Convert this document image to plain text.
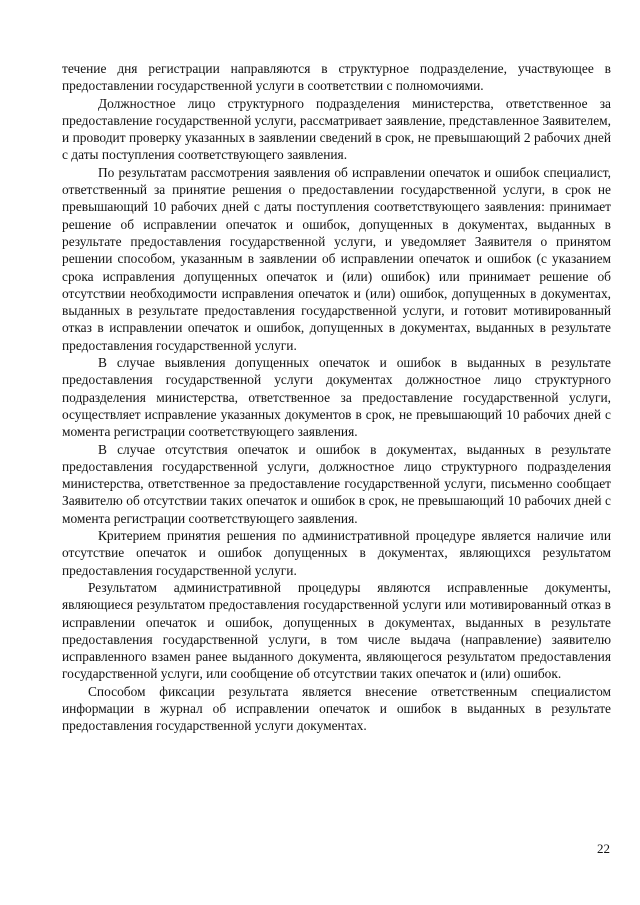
течение дня регистрации направляются в структурное подразделение, участвующее в предоставлении государственной услуги в соответствии с полномочиями.

Должностное лицо структурного подразделения министерства, ответственное за предоставление государственной услуги, рассматривает заявление, представленное Заявителем, и проводит проверку указанных в заявлении сведений в срок, не превышающий 2 рабочих дней с даты поступления соответствующего заявления.

По результатам рассмотрения заявления об исправлении опечаток и ошибок специалист, ответственный за принятие решения о предоставлении государственной услуги, в срок не превышающий 10 рабочих дней с даты поступления соответствующего заявления: принимает решение об исправлении опечаток и ошибок, допущенных в документах, выданных в результате предоставления государственной услуги, и уведомляет Заявителя о принятом решении способом, указанным в заявлении об исправлении опечаток и ошибок (с указанием срока исправления допущенных опечаток и (или) ошибок) или принимает решение об отсутствии необходимости исправления опечаток и (или) ошибок, допущенных в документах, выданных в результате предоставления государственной услуги, и готовит мотивированный отказ в исправлении опечаток и ошибок, допущенных в документах, выданных в результате предоставления государственной услуги.

В случае выявления допущенных опечаток и ошибок в выданных в результате предоставления государственной услуги документах должностное лицо структурного подразделения министерства, ответственное за предоставление государственной услуги, осуществляет исправление указанных документов в срок, не превышающий 10 рабочих дней с момента регистрации соответствующего заявления.

В случае отсутствия опечаток и ошибок в документах, выданных в результате предоставления государственной услуги, должностное лицо структурного подразделения министерства, ответственное за предоставление государственной услуги, письменно сообщает Заявителю об отсутствии таких опечаток и ошибок в срок, не превышающий 10 рабочих дней с момента регистрации соответствующего заявления.

Критерием принятия решения по административной процедуре является наличие или отсутствие опечаток и ошибок допущенных в документах, являющихся результатом предоставления государственной услуги.

Результатом административной процедуры являются исправленные документы, являющиеся результатом предоставления государственной услуги или мотивированный отказ в исправлении опечаток и ошибок, допущенных в документах, выданных в результате предоставления государственной услуги, в том числе выдача (направление) заявителю исправленного взамен ранее выданного документа, являющегося результатом предоставления государственной услуги, или сообщение об отсутствии таких опечаток и (или) ошибок.

Способом фиксации результата является внесение ответственным специалистом информации в журнал об исправлении опечаток и ошибок в выданных в результате предоставления государственной услуги документах.

22
